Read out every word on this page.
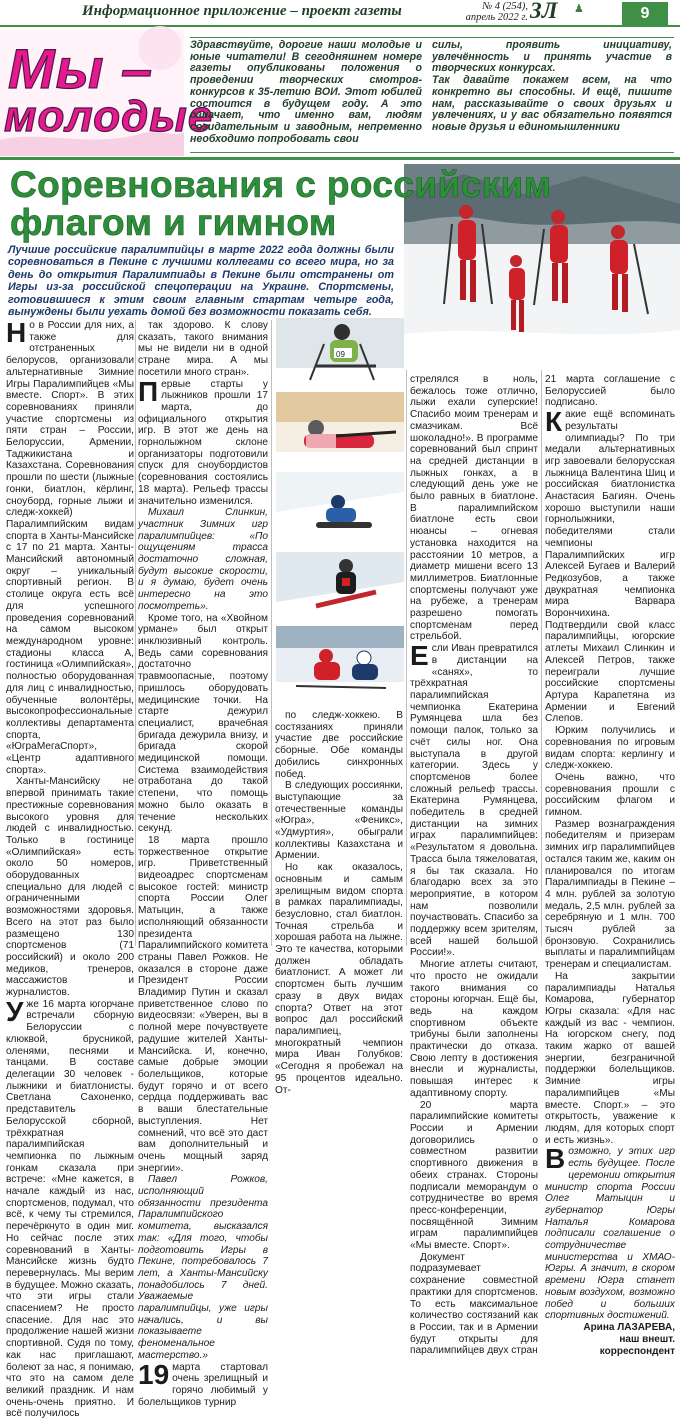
Информационное приложение – проект газеты	№ 4 (254),
апрель 2022 г. ЗЛ ♟	9
Мы –
молодые
Здравствуйте, дорогие наши молодые и юные читатели! В сегодняшнем номере газеты опубликованы положения о проведении творческих смотров-конкурсов к 35-летию ВОИ. Этот юбилей состоится в будущем году. А это означает, что именно вам, людям созидательным и заводным, непременно необходимо попробовать свои
силы, проявить инициативу, увлечённость и принять участие в творческих конкурсах.
Так давайте покажем всем, на что конкретно вы способны. И ещё, пишите нам, рассказывайте о своих друзьях и увлечениях, и у вас обязательно появятся новые друзья и единомышленники
Соревнования с российским
флагом и гимном
Лучшие российские паралимпийцы в марте 2022 года должны были соревноваться в Пекине с лучшими коллегами со всего мира, но за день до открытия Паралимпиады в Пекине были отстранены от Игры из-за российской спецоперации на Украине. Спортсмены, готовившиеся к этим своим главным стартам четыре года, вынуждены были уехать домой без возможности показать себя.

Но в России для них, а также для отстраненных белорусов, организовали альтернативные Зимние Игры Паралимпийцев «Мы вместе. Спорт». В этих соревнованиях приняли участие спортсмены из пяти стран – России, Белоруссии, Армении, Таджикистана и Казахстана. Соревнования прошли по шести (лыжные гонки, биатлон, кёрлинг, сноуборд, горные лыжи и следж-хоккей) Паралимпийским видам спорта в Ханты-Мансийске с 17 по 21 марта. Ханты-Мансийский автономный округ – уникальный спортивный регион. В столице округа есть всё для успешного проведения соревнований на самом высоком международном уровне: стадионы класса А, гостиница «Олимпийская», полностью оборудованная для лиц с инвалидностью, обученные волонтёры, высокопрофессиональные коллективы департамента спорта, «ЮграМегаСпорт», «Центр адаптивного спорта».

Ханты-Мансийску не впервой принимать такие престижные соревнования высокого уровня для людей с инвалидностью. Только в гостинице «Олимпийская» есть около 50 номеров, оборудованных специально для людей с ограниченными возможностями здоровья. Всего на этот раз было размещено 130 спортсменов (71 российский) и около 200 медиков, тренеров, массажистов и журналистов.

Уже 16 марта югорчане встречали сборную Белоруссии с клюквой, брусникой, оленями, песнями и танцами. В составе делегации 30 человек - лыжники и биатлонисты. Светлана Сахоненко, представитель Белорусской сборной, трёхкратная паралимпийская чемпионка по лыжным гонкам сказала при встрече: «Мне кажется, в начале каждый из нас, спортсменов, подумал, что всё, к чему ты стремился, перечёркнуто в один миг. Но сейчас после этих соревнований в Ханты-Мансийске жизнь будто перевернулась. Мы верим в будущее. Можно сказать, что эти игры стали спасением? Не просто спасение. Для нас это продолжение нашей жизни спортивной. Судя по тому, как нас приглашают, болеют за нас, я понимаю, что это на самом деле великий праздник. И нам очень-очень приятно. И всё получилось

так здорово. К слову сказать, такого внимания мы не видели ни в одной стране мира. А мы посетили много стран».

Первые старты у лыжников прошли 17 марта, до официального открытия игр. В этот же день на горнолыжном склоне организаторы подготовили спуск для сноубордистов (соревнования состоялись 18 марта). Рельеф трассы значительно изменился.

Михаил Слинкин, участник Зимних игр паралимпийцев: «По ощущениям трасса достаточно сложная, будут высокие скорости, и я думаю, будет очень интересно на это посмотреть».

Кроме того, на «Хвойном урмане» был открыт инклюзивный контроль. Ведь сами соревнования достаточно травмоопасные, поэтому пришлось оборудовать медицинские точки. На старте дежурил специалист, врачебная бригада дежурила внизу, и бригада скорой медицинской помощи. Система взаимодействия отработана до такой степени, что помощь можно было оказать в течение нескольких секунд.

18 марта прошло торжественное открытие игр. Приветственный видеоадрес спортсменам высокое гостей: министр спорта России Олег Матыцин, а также исполняющий обязанности президента Паралимпийского комитета страны Павел Рожков. Не оказался в стороне даже Президент России Владимир Путин и сказал приветственное слово по видеосвязи: «Уверен, вы в полной мере почувствуете радушие жителей Ханты-Мансийска. И, конечно, самые добрые эмоции болельщиков, которые будут горячо и от всего сердца поддерживать вас в ваши блестательные выступления. Нет сомнений, что всё это даст вам дополнительный и очень мощный заряд энергии».

Павел Рожков, исполняющий обязанности президента Паралимпийского комитета, высказался так: «Для того, чтобы подготовить Игры в Пекине, потребовалось 7 лет, а Ханты-Мансийску понадобилось 7 дней. Уважаемые паралимпийцы, уже игры начались, и вы показываете феноменальное мастерство.»

19 марта стартовал очень зрелищный и горячо любимый у болельщиков турнир

09

по следж-хоккею. В состязаниях приняли участие две российские сборные. Обе команды добились синхронных побед.

В следующих россиянки, выступающие за отечественные команды «Югра», «Феникс», «Удмуртия», обыграли коллективы Казахстана и Армении.

Но как оказалось, основным и самым зрелищным видом спорта в рамках паралимпиады, безусловно, стал биатлон. Точная стрельба и хорошая работа на лыжне. Это те качества, которыми должен обладать биатлонист. А может ли спортсмен быть лучшим сразу в двух видах спорта? Ответ на этот вопрос дал российский паралимпиец, многократный чемпион мира Иван Голубков: «Сегодня я пробежал на 95 процентов идеально. От-

стрелялся в ноль, бежалось тоже отлично, лыжи ехали суперские! Спасибо моим тренерам и смазчикам. Всё шоколадно!». В программе соревнований был спринт на средней дистанции в лыжных гонках, а в следующий день уже не было равных в биатлоне. В паралимпийском биатлоне есть свои нюансы – огневая установка находится на расстоянии 10 метров, а диаметр мишени всего 13 миллиметров. Биатлонные спортсмены получают уже на рубеже, а тренерам разрешено помогать спортсменам перед стрельбой.

Если Иван превратился в дистанции на «санях», то трёхкратная паралимпийская чемпионка Екатерина Румянцева шла без помощи палок, только за счёт силы ног. Она выступала в другой категории. Здесь у спортсменов более сложный рельеф трассы. Екатерина Румянцева, победитель в средней дистанции на зимних играх паралимпийцев: «Результатом я довольна. Трасса была тяжеловатая, я бы так сказала. Но благодарю всех за это мероприятие, в котором нам позволили поучаствовать. Спасибо за поддержку всем зрителям, всей нашей большой России!».

Многие атлеты считают, что просто не ожидали такого внимания со стороны югорчан. Ещё бы, ведь на каждом спортивном объекте трибуны были заполнены практически до отказа. Свою лепту в достижения внесли и журналисты, повышая интерес к адаптивному спорту.

20 марта паралимпийские комитеты России и Армении договорились о совместном развитии спортивного движения в обеих странах. Стороны подписали меморандум о сотрудничестве во время пресс-конференции, посвящённой Зимним играм паралимпийцев «Мы вместе. Спорт».

Документ подразумевает сохранение совместной практики для спортсменов. То есть максимальное количество состязаний как в России, так и в Армении будут открыты для паралимпийцев двух стран

21 марта соглашение с Белоруссией было подписано.

Какие ещё вспоминать результаты олимпиады? По три медали альтернативных игр завоевали белорусская лыжница Валентина Шиц и российская биатлонистка Анастасия Багиян. Очень хорошо выступили наши горнолыжники, победителями стали чемпионы Паралимпийских игр Алексей Бугаев и Валерий Редкозубов, а также двукратная чемпионка мира Варвара Ворончихина. Подтвердили свой класс паралимпийцы, югорские атлеты Михаил Слинкин и Алексей Петров, также переиграли лучшие российские спортсмены Артура Карапетяна из Армении и Евгений Слепов.

Юрким получились и соревнования по игровым видам спорта: керлингу и следж-хоккею.

Очень важно, что соревнования прошли с российским флагом и гимном.

Размер вознаграждения победителям и призерам зимних игр паралимпийцев остался таким же, каким он планировался по итогам Паралимпиады в Пекине – 4 млн. рублей за золотую медаль, 2,5 млн. рублей за серебряную и 1 млн. 700 тысяч рублей за бронзовую. Сохранились выплаты и паралимпийцам тренерам и специалистам.

На закрытии паралимпиады Наталья Комарова, губернатор Югры сказала: «Для нас каждый из вас - чемпион. На югорском снегу, под таким жарко от вашей энергии, безграничной поддержки болельщиков. Зимние игры паралимпийцев «Мы вместе. Спорт.» – это открытость, уважение к людям, для которых спорт и есть жизнь».

Возможно, у этих игр есть будущее. После церемонии открытия министр спорта России Олег Матыцин и губернатор Югры Наталья Комарова подписали соглашение о сотрудничестве министерства и ХМАО-Югры. А значит, в скором времени Югра станет новым воздухом, возможно побед и больших спортивных достижений.

Арина ЛАЗАРЕВА,
наш внешт. корреспондент
